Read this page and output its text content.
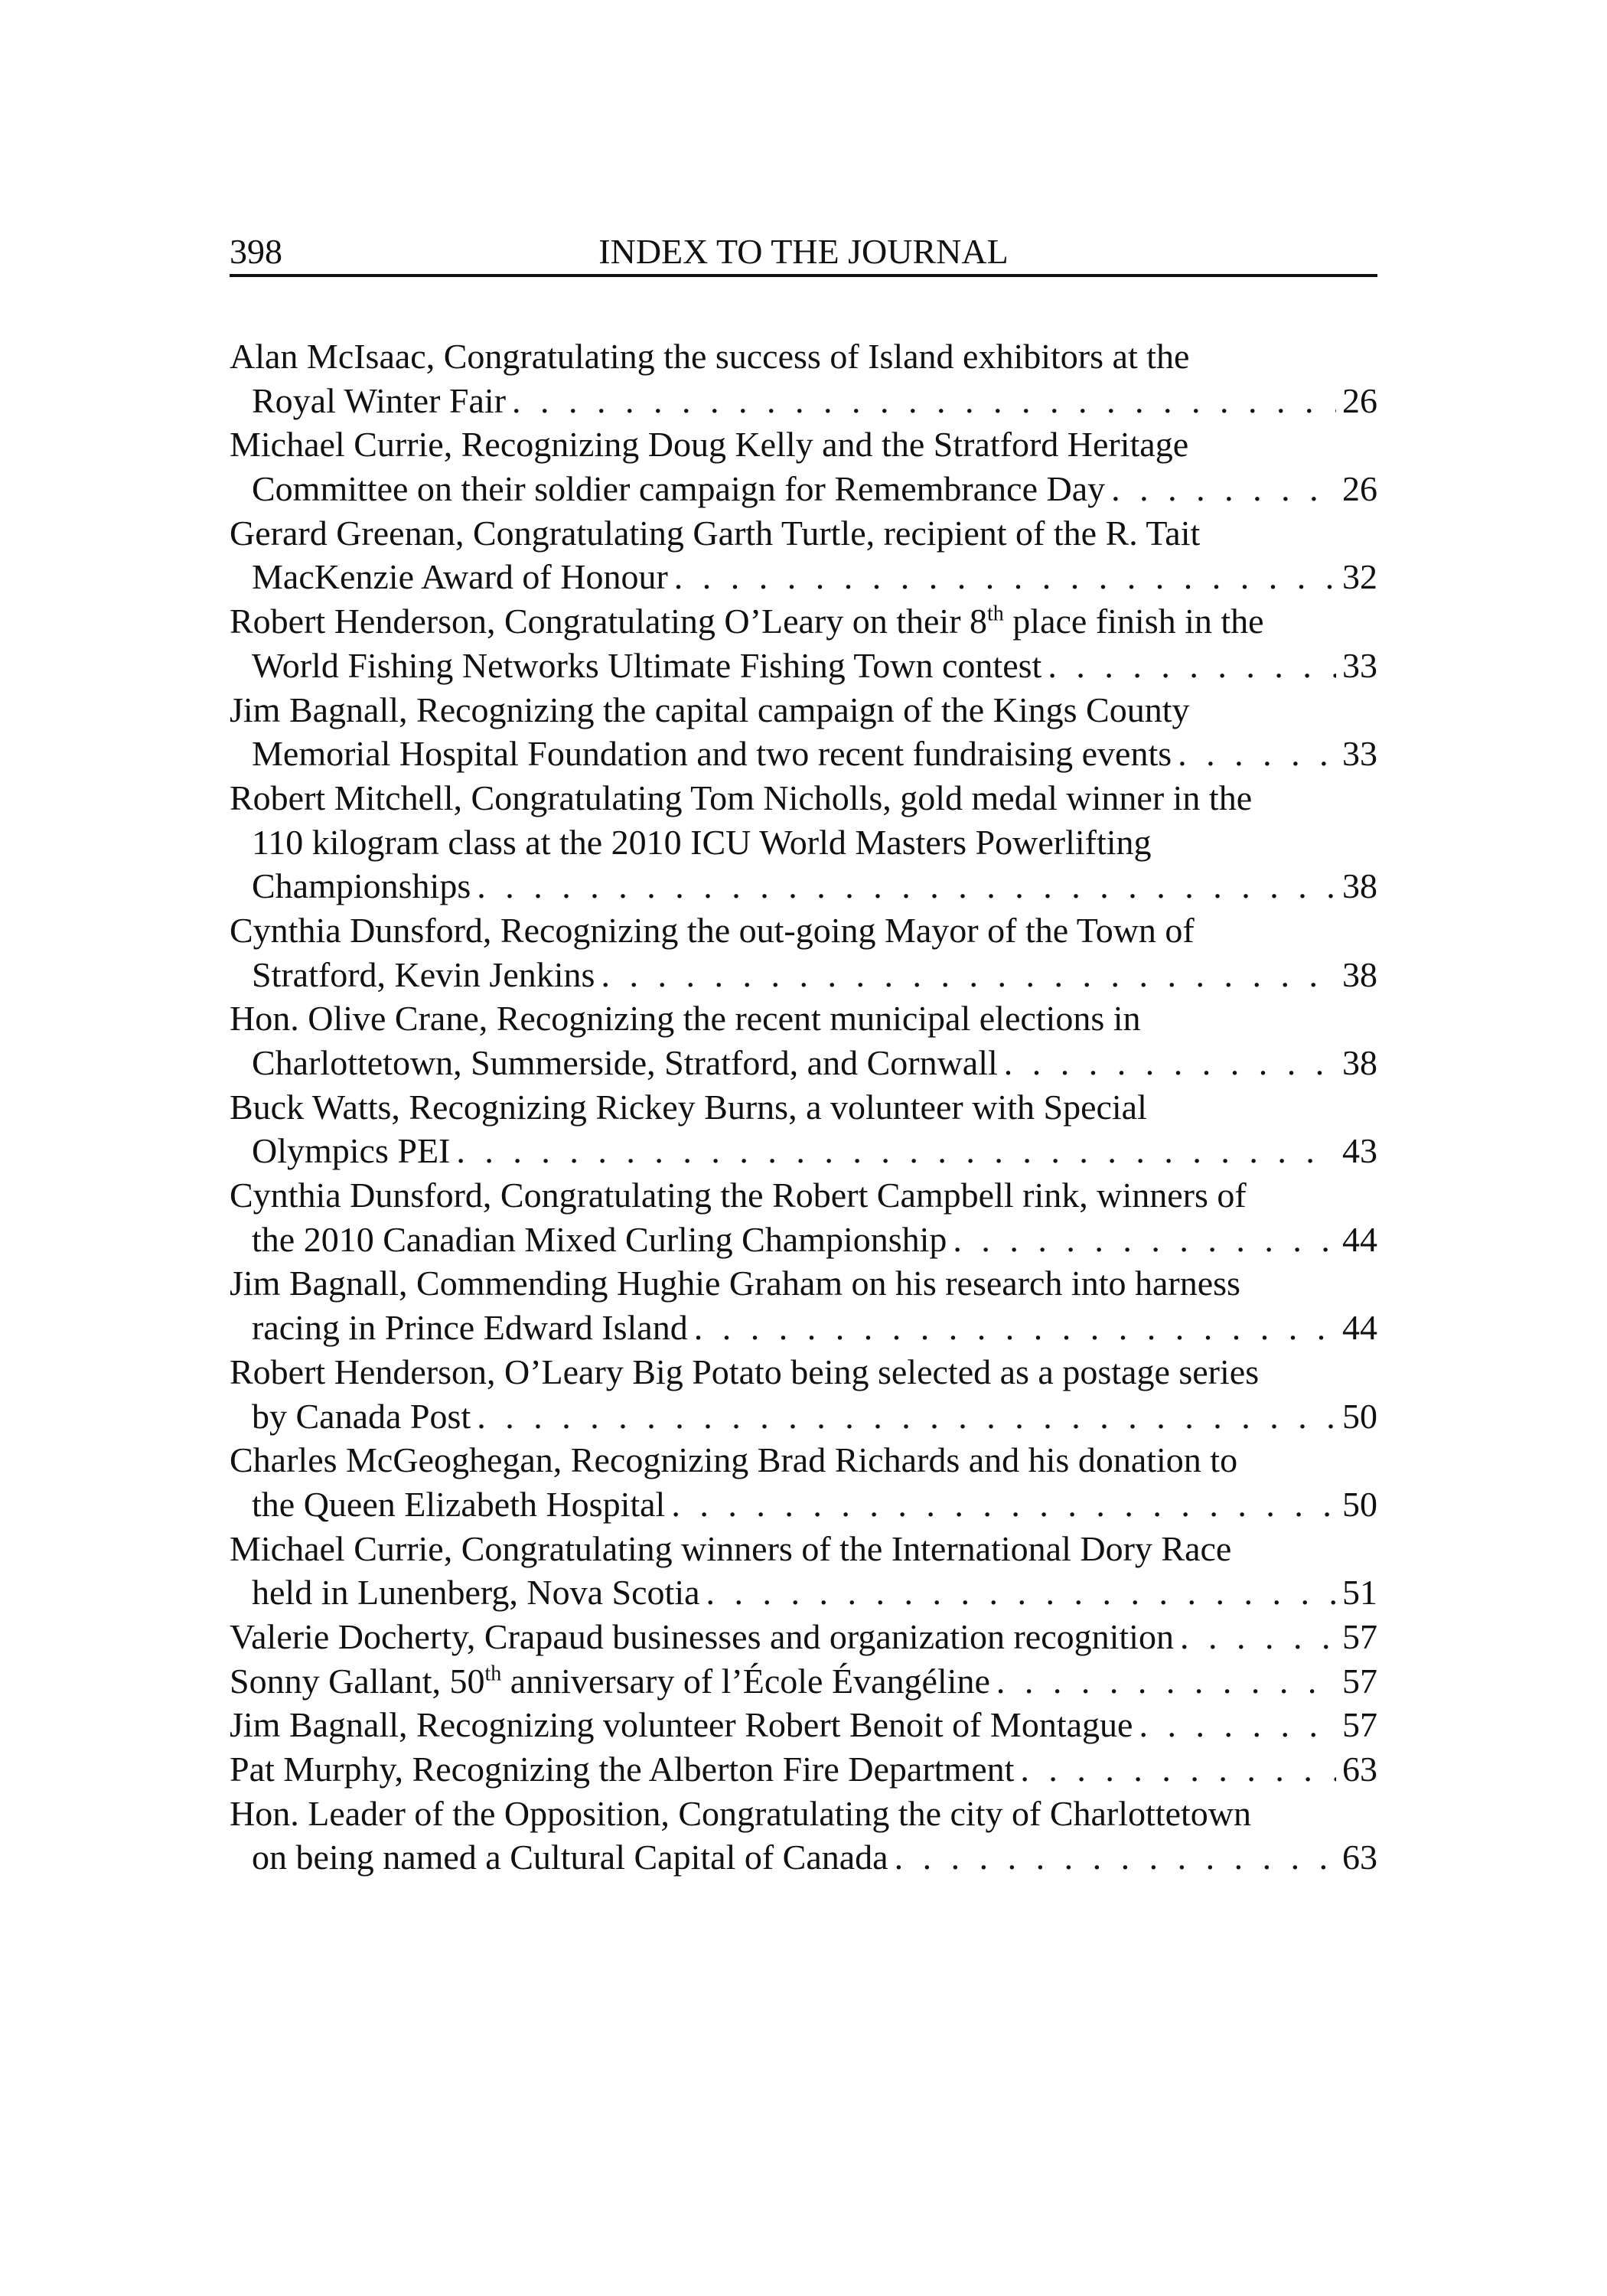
398	INDEX TO THE JOURNAL
Alan McIsaac, Congratulating the success of Island exhibitors at the
Royal Winter Fair . . .	26
Michael Currie, Recognizing Doug Kelly and the Stratford Heritage
Committee on their soldier campaign for Remembrance Day . . .	26
Gerard Greenan, Congratulating Garth Turtle, recipient of the R. Tait
MacKenzie Award of Honour . . .	32
Robert Henderson, Congratulating O’Leary on their 8th place finish in the
World Fishing Networks Ultimate Fishing Town contest . . .	33
Jim Bagnall, Recognizing the capital campaign of the Kings County
Memorial Hospital Foundation and two recent fundraising events . . .	33
Robert Mitchell, Congratulating Tom Nicholls, gold medal winner in the
110 kilogram class at the 2010 ICU World Masters Powerlifting
Championships . . .	38
Cynthia Dunsford, Recognizing the out-going Mayor of the Town of
Stratford, Kevin Jenkins . . .	38
Hon. Olive Crane, Recognizing the recent municipal elections in
Charlottetown, Summerside, Stratford, and Cornwall . . .	38
Buck Watts, Recognizing Rickey Burns, a volunteer with Special
Olympics PEI . . .	43
Cynthia Dunsford, Congratulating the Robert Campbell rink, winners of
the 2010 Canadian Mixed Curling Championship . . .	44
Jim Bagnall, Commending Hughie Graham on his research into harness
racing in Prince Edward Island . . .	44
Robert Henderson, O’Leary Big Potato being selected as a postage series
by Canada Post . . .	50
Charles McGeoghegan, Recognizing Brad Richards and his donation to
the Queen Elizabeth Hospital . . .	50
Michael Currie, Congratulating winners of the International Dory Race
held in Lunenberg, Nova Scotia . . .	51
Valerie Docherty, Crapaud businesses and organization recognition . . .	57
Sonny Gallant, 50th anniversary of l’École Évangéline . . .	57
Jim Bagnall, Recognizing volunteer Robert Benoit of Montague . . .	57
Pat Murphy, Recognizing the Alberton Fire Department . . .	63
Hon. Leader of the Opposition, Congratulating the city of Charlottetown
on being named a Cultural Capital of Canada . . .	63
